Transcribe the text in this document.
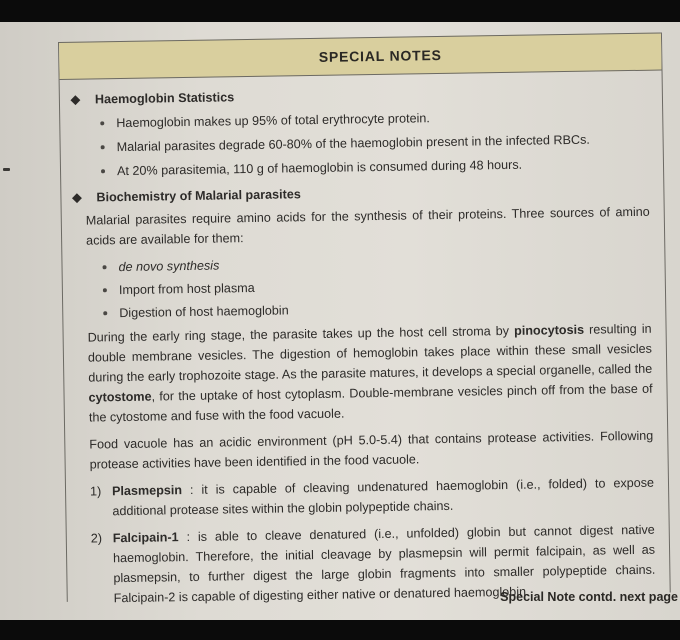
SPECIAL NOTES
Haemoglobin Statistics
Haemoglobin makes up 95% of total erythrocyte protein.
Malarial parasites degrade 60-80% of the haemoglobin present in the infected RBCs.
At 20% parasitemia, 110 g of haemoglobin is consumed during 48 hours.
Biochemistry of Malarial parasites

Malarial parasites require amino acids for the synthesis of their proteins. Three sources of amino acids are available for them:

de novo synthesis
Import from host plasma
Digestion of host haemoglobin

During the early ring stage, the parasite takes up the host cell stroma by pinocytosis resulting in double membrane vesicles. The digestion of hemoglobin takes place within these small vesicles during the early trophozoite stage. As the parasite matures, it develops a special organelle, called the cytostome, for the uptake of host cytoplasm. Double-membrane vesicles pinch off from the base of the cytostome and fuse with the food vacuole.

Food vacuole has an acidic environment (pH 5.0-5.4) that contains protease activities. Following protease activities have been identified in the food vacuole.

1) Plasmepsin : it is capable of cleaving undenatured haemoglobin (i.e., folded) to expose additional protease sites within the globin polypeptide chains.
2) Falcipain-1 : is able to cleave denatured (i.e., unfolded) globin but cannot digest native haemoglobin. Therefore, the initial cleavage by plasmepsin will permit falcipain, as well as plasmepsin, to further digest the large globin fragments into smaller polypeptide chains. Falcipain-2 is capable of digesting either native or denatured haemoglobin.
Special Note contd. next page
